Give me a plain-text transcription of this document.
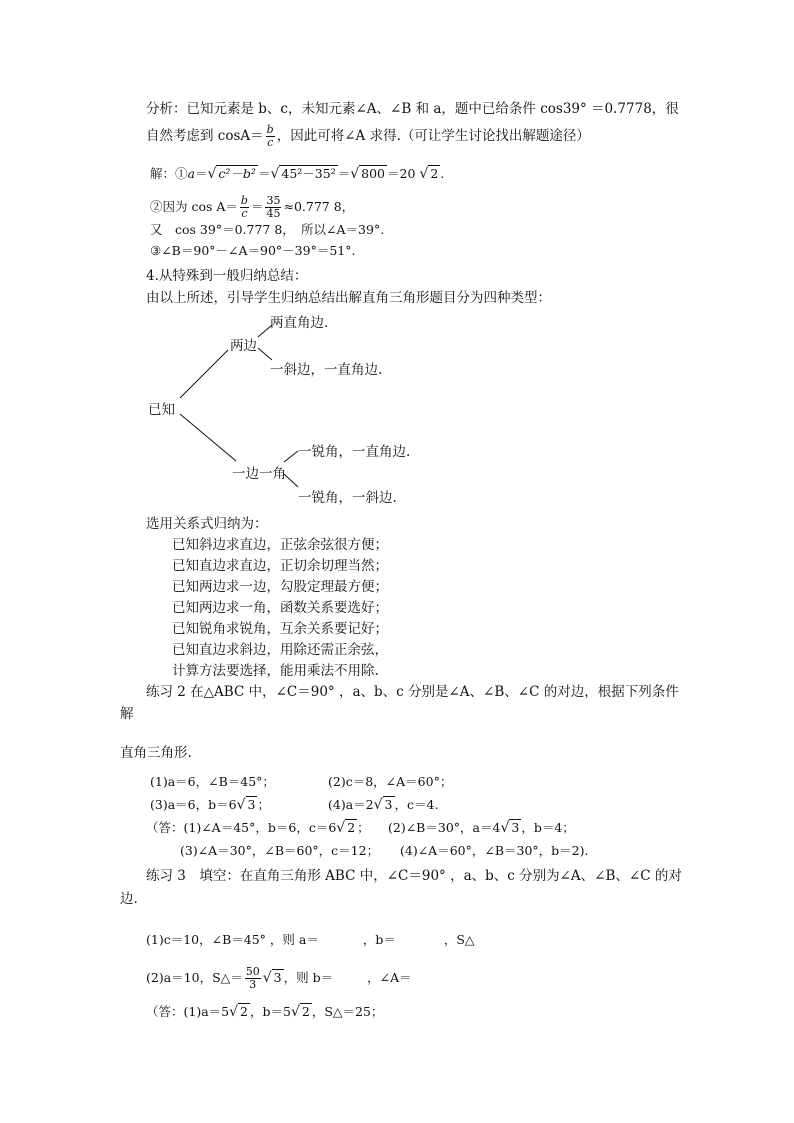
分析：已知元素是 b、c，未知元素∠A、∠B 和 a，题中已给条件 cos39° ＝0.7778，很
自然考虑到 $\cos A= \frac{b}{c}$ ，因此可将∠A 求得.（可让学生讨论找出解题途径）
解：①a＝√ c²－b² ＝√ 45²－35² ＝√ 800 ＝20 √ 2 .
②因为 $\cos A= \frac{b}{c} = \frac{35}{45} \approx 0.777$ 8，
又　cos 39°＝0.777 8，　所以∠A＝39°.
③∠B＝90°－∠A＝90°－39°＝51°.
4.从特殊到一般归纳总结：
由以上所述，引导学生归纳总结出解直角三角形题目分为四种类型：
已知
两边
两直角边.
一斜边，一直角边.
一边一角
一锐角，一直角边.
一锐角，一斜边.
选用关系式归纳为：
已知斜边求直边，正弦余弦很方便；
已知直边求直边，正切余切理当然；
已知两边求一边，勾股定理最方便；
已知两边求一角，函数关系要选好；
已知锐角求锐角，互余关系要记好；
已知直边求斜边，用除还需正余弦，
计算方法要选择，能用乘法不用除.
练习 2 在△ABC 中，∠C＝90° ，a、b、c 分别是∠A、∠B、∠C 的对边，根据下列条件
解
直角三角形.
(1)a＝6，∠B＝45°；	(2)c＝8，∠A＝60°；
(3)a＝6，b＝6√ 3 ；	(4)a＝2√ 3 ，c＝4.
（答：(1)∠A＝45°，b＝6，c＝6√ 2 ； (2)∠B＝30°，a＝4√ 3 ，b＝4；
(3)∠A＝30°，∠B＝60°，c＝12； (4)∠A＝60°，∠B＝30°，b＝2).
练习 3　填空：在直角三角形 ABC 中，∠C＝90° ，a、b、c 分别为∠A、∠B、∠C 的对
边.
(1)c＝10，∠B＝45° ，则 a＝	，b＝	，S△
(2)a＝10，S△＝ $\frac{50}{3}$ √ 3 ，则 b＝	，∠A＝
（答：(1)a＝5√ 2 ，b＝5√ 2 ，S△＝25；
